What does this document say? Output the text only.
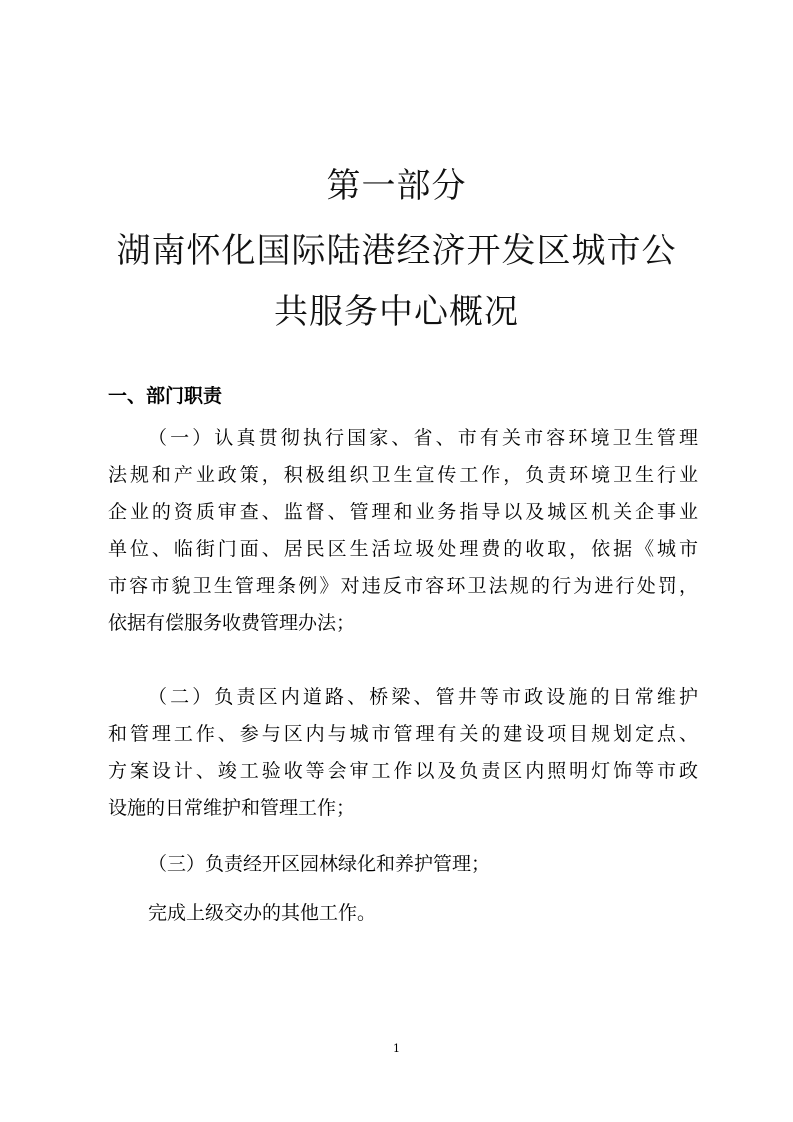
第一部分
湖南怀化国际陆港经济开发区城市公
共服务中心概况
一、部门职责
（一）认真贯彻执行国家、省、市有关市容环境卫生管理
法规和产业政策，积极组织卫生宣传工作，负责环境卫生行业
企业的资质审查、监督、管理和业务指导以及城区机关企事业
单位、临街门面、居民区生活垃圾处理费的收取，依据《城市
市容市貌卫生管理条例》对违反市容环卫法规的行为进行处罚，
依据有偿服务收费管理办法；
（二）负责区内道路、桥梁、管井等市政设施的日常维护
和管理工作、参与区内与城市管理有关的建设项目规划定点、
方案设计、竣工验收等会审工作以及负责区内照明灯饰等市政
设施的日常维护和管理工作；
（三）负责经开区园林绿化和养护管理；
完成上级交办的其他工作。
1
